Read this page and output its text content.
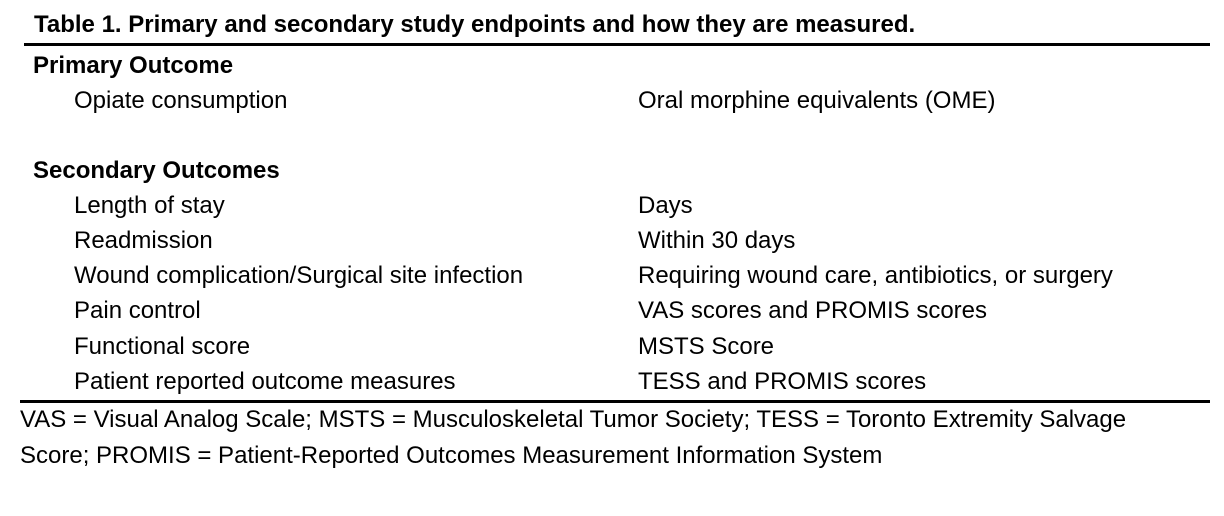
Table 1. Primary and secondary study endpoints and how they are measured.
Primary Outcome
Opiate consumption	Oral morphine equivalents (OME)
Secondary Outcomes
Length of stay	Days
Readmission	Within 30 days
Wound complication/Surgical site infection	Requiring wound care, antibiotics, or surgery
Pain control	VAS scores and PROMIS scores
Functional score	MSTS Score
Patient reported outcome measures	TESS and PROMIS scores
VAS = Visual Analog Scale; MSTS = Musculoskeletal Tumor Society; TESS = Toronto Extremity Salvage Score; PROMIS = Patient-Reported Outcomes Measurement Information System
